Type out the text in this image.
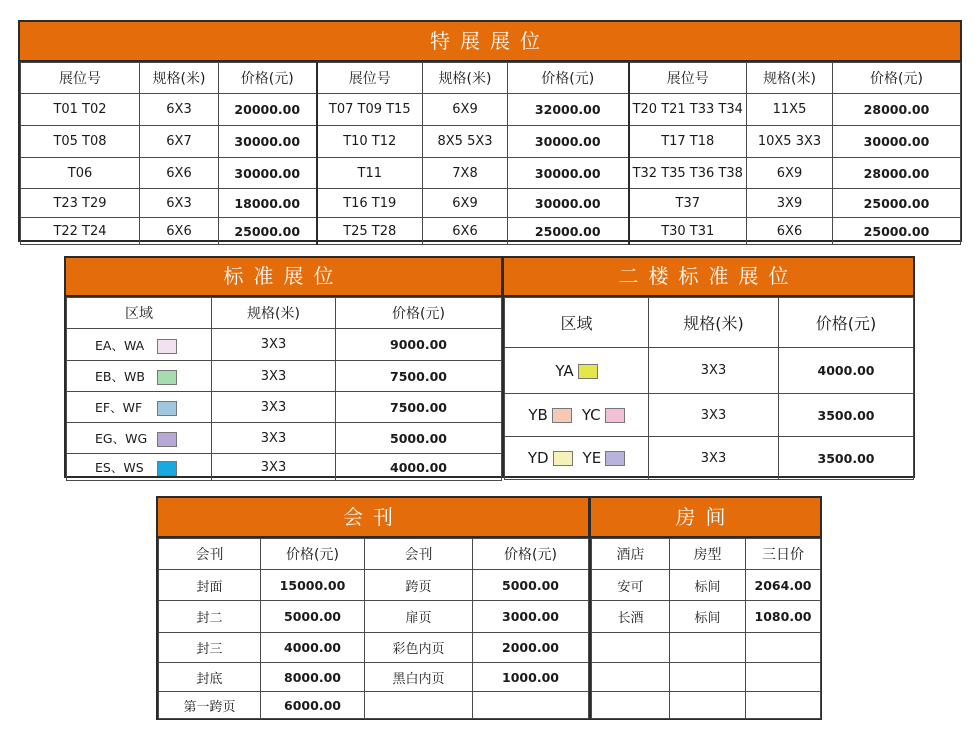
特展展位
展位号	规格(米)	价格(元)	展位号	规格(米)	价格(元)	展位号	规格(米)	价格(元)
T01 T02	6X3	20000.00	T07 T09 T15	6X9	32000.00	T20 T21 T33 T34	11X5	28000.00
T05 T08	6X7	30000.00	T10 T12	8X5 5X3	30000.00	T17 T18	10X5 3X3	30000.00
T06	6X6	30000.00	T11	7X8	30000.00	T32 T35 T36 T38	6X9	28000.00
T23 T29	6X3	18000.00	T16 T19	6X9	30000.00	T37	3X9	25000.00
T22 T24	6X6	25000.00	T25 T28	6X6	25000.00	T30 T31	6X6	25000.00
标准展位
区域	规格(米)	价格(元)
EA、WA	3X3	9000.00
EB、WB	3X3	7500.00
EF、WF	3X3	7500.00
EG、WG	3X3	5000.00
ES、WS	3X3	4000.00
二楼标准展位
区域	规格(米)	价格(元)
YA	3X3	4000.00
YB YC	3X3	3500.00
YD YE	3X3	3500.00
会刊
会刊	价格(元)	会刊	价格(元)
封面	15000.00	跨页	5000.00
封二	5000.00	扉页	3000.00
封三	4000.00	彩色内页	2000.00
封底	8000.00	黑白内页	1000.00
第一跨页	6000.00		
房间
酒店	房型	三日价
安可	标间	2064.00
长酒	标间	1080.00
